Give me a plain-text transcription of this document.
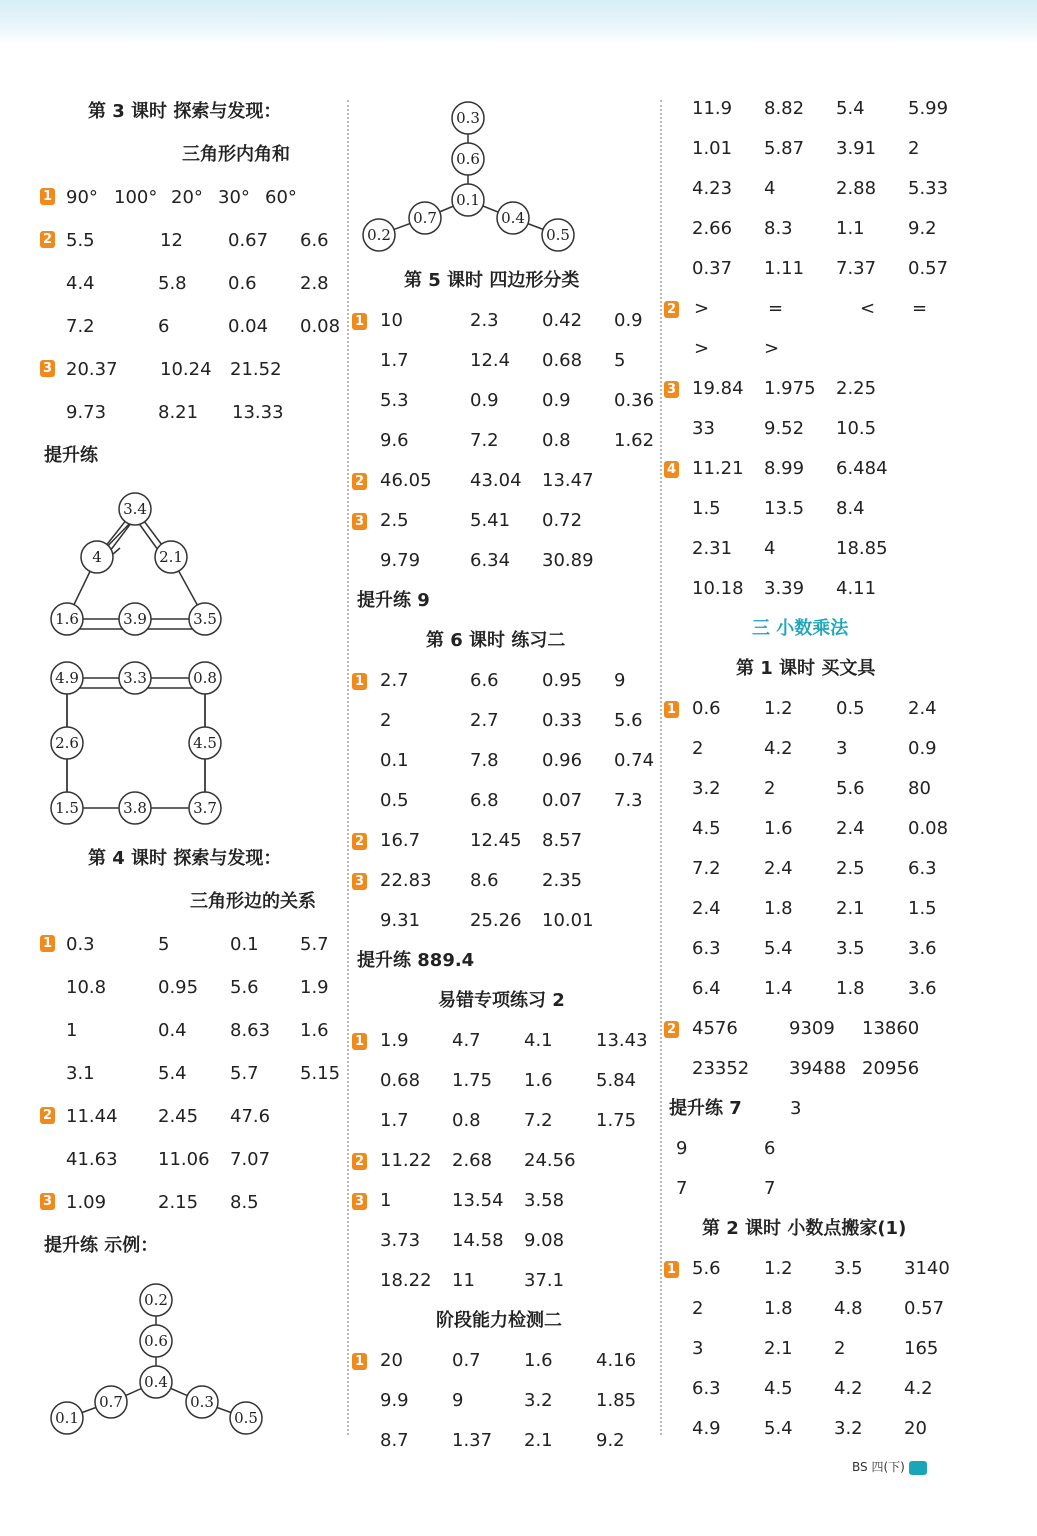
第 3 课时 探索与发现：
三角形内角和
1 90° 100° 20° 30° 60°
2 5.5	12	0.67 6.6
4.4	5.8 0.6 2.8
7.2	6	0.04 0.08
3 20.37 10.24 21.52
9.73	8.21 13.33
提升练
3.4
4	2.1
1.6	3.9	3.5
4.9	3.3	0.8
2.6	4.5
1.5	3.8	3.7
第 4 课时 探索与发现：
三角形边的关系
1 0.3	5	0.1 5.7
10.8	0.95 5.6 1.9
1	0.4 8.63 1.6
3.1	5.4 5.7 5.15
2 11.44 2.45 47.6
41.63 11.06 7.07
3 1.09	2.15 8.5
提升练 示例：
0.2
0.6
0.4
0.1
0.7	0.3
0.5
0.3
0.6
0.1
0.2
0.7	0.4
0.5
第 5 课时 四边形分类
1 10	2.3 0.42 0.9
1.7	12.4 0.68 5
5.3	0.9 0.9 0.36
9.6	7.2 0.8 1.62
2 46.05 43.04 13.47
3 2.5	5.41 0.72
9.79	6.34 30.89
提升练 9
第 6 课时 练习二
1 2.7	6.6 0.95 9
2	2.7 0.33 5.6
0.1	7.8 0.96 0.74
0.5	6.8 0.07 7.3
2 16.7	12.45 8.57
3 22.83 8.6 2.35
9.31	25.26 10.01
提升练 889.4
易错专项练习 2
1 1.9 4.7 4.1 13.43
0.68 1.75 1.6 5.84
1.7 0.8 7.2 1.75
2 11.22 2.68 24.56
3 1	13.54 3.58
3.73 14.58 9.08
18.22 11	37.1
阶段能力检测二
1 20	0.7 1.6 4.16
9.9 9	3.2 1.85
8.7 1.37 2.1 9.2
11.9 8.82 5.4 5.99
1.01 5.87 3.91 2
4.23 4	2.88 5.33
2.66 8.3 1.1 9.2
0.37 1.11 7.37 0.57
2 >	=	< =
>	>
3 19.84 1.975 2.25
33	9.52 10.5
4 11.21 8.99 6.484
1.5 13.5 8.4
2.31 4	18.85
10.18 3.39 4.11
三 小数乘法
第 1 课时 买文具
1 0.6 1.2 0.5 2.4
2	4.2 3	0.9
3.2 2	5.6 80
4.5 1.6 2.4 0.08
7.2 2.4 2.5 6.3
2.4 1.8 2.1 1.5
6.3 5.4 3.5 3.6
6.4 1.4 1.8 3.6
2 4576	9309 13860
23352 39488 20956
提升练 7	3
9	6
7	7
第 2 课时 小数点搬家(1)
1 5.6 1.2 3.5 3140
2	1.8 4.8 0.57
3	2.1 2	165
6.3 4.5 4.2 4.2
4.9 5.4 3.2 20
BS 四(下)
